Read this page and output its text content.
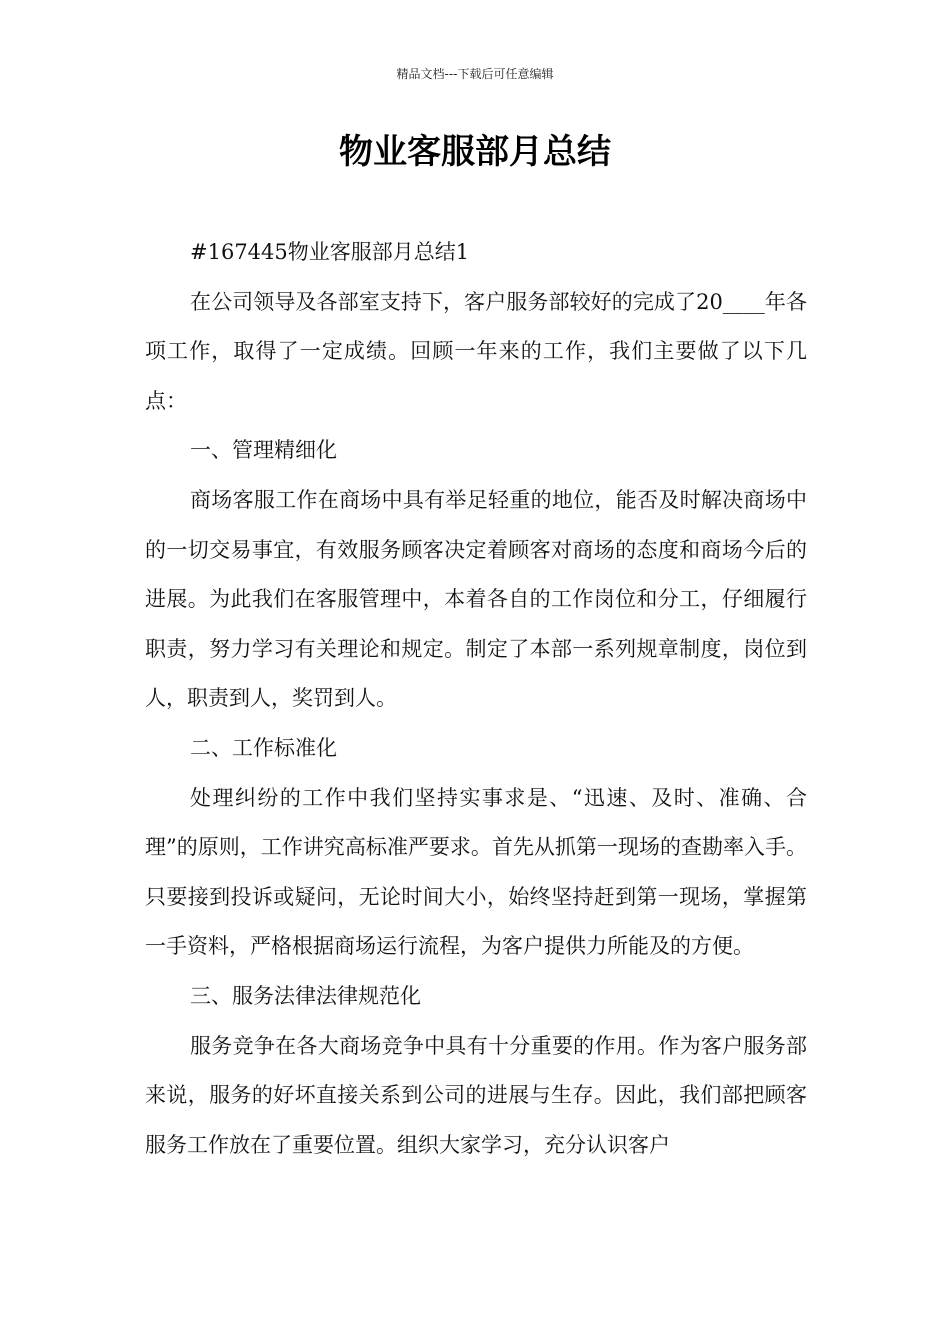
精品文档---下载后可任意编辑
物业客服部月总结

#167445物业客服部月总结1

在公司领导及各部室支持下，客户服务部较好的完成了20____年各项工作，取得了一定成绩。回顾一年来的工作，我们主要做了以下几点：

一、管理精细化

商场客服工作在商场中具有举足轻重的地位，能否及时解决商场中的一切交易事宜，有效服务顾客决定着顾客对商场的态度和商场今后的进展。为此我们在客服管理中，本着各自的工作岗位和分工，仔细履行职责，努力学习有关理论和规定。制定了本部一系列规章制度，岗位到人，职责到人，奖罚到人。

二、工作标准化

处理纠纷的工作中我们坚持实事求是、“迅速、及时、准确、合理”的原则，工作讲究高标准严要求。首先从抓第一现场的查勘率入手。只要接到投诉或疑问，无论时间大小，始终坚持赶到第一现场，掌握第一手资料，严格根据商场运行流程，为客户提供力所能及的方便。

三、服务法律法律规范化

服务竞争在各大商场竞争中具有十分重要的作用。作为客户服务部来说，服务的好坏直接关系到公司的进展与生存。因此，我们部把顾客服务工作放在了重要位置。组织大家学习，充分认识客户
